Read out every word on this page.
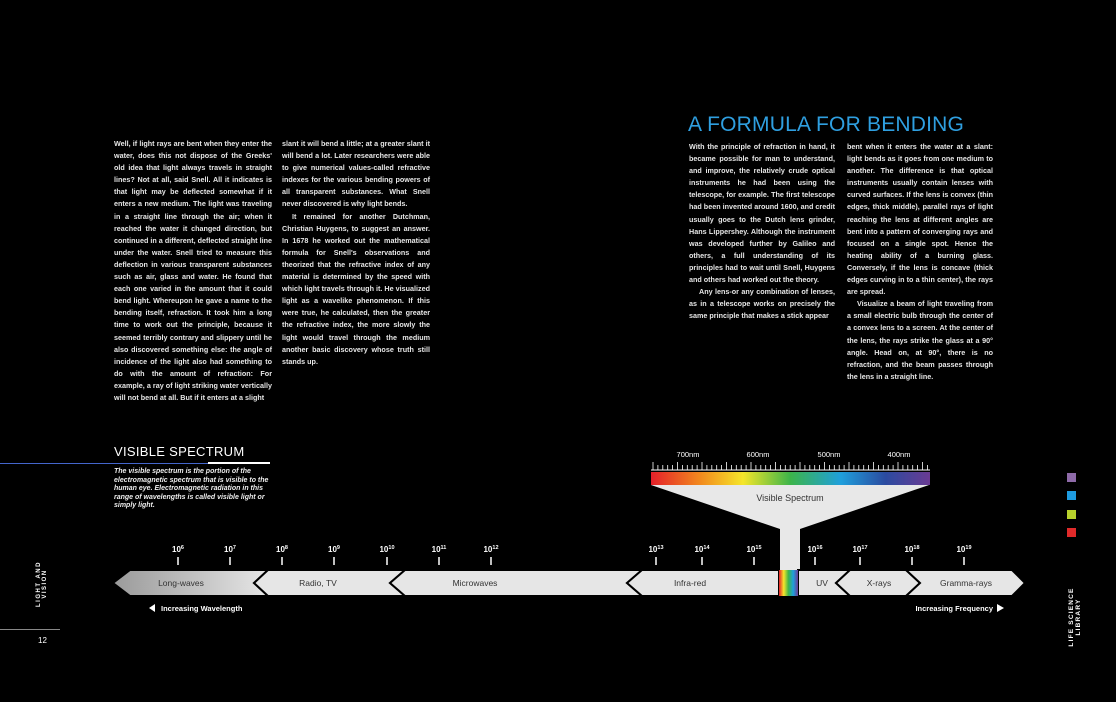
Well, if light rays are bent when they enter the water, does this not dispose of the Greeks' old idea that light always travels in straight lines? Not at all, said Snell. All it indicates is that light may be deflected somewhat if it enters a new medium. The light was traveling in a straight line through the air; when it reached the water it changed direction, but continued in a different, deflected straight line under the water. Snell tried to measure this deflection in various transparent substances such as air, glass and water. He found that each one varied in the amount that it could bend light. Whereupon he gave a name to the bending itself, refraction. It took him a long time to work out the principle, because it seemed terribly contrary and slippery until he also discovered something else: the angle of incidence of the light also had something to do with the amount of refraction: For example, a ray of light striking water vertically will not bend at all. But if it enters at a slight

slant it will bend a little; at a greater slant it will bend a lot. Later researchers were able to give numerical values-called refractive indexes for the various bending powers of all transparent substances. What Snell never discovered is why light bends.

It remained for another Dutchman, Christian Huygens, to suggest an answer. In 1678 he worked out the mathematical formula for Snell's observations and theorized that the refractive index of any material is determined by the speed with which light travels through it. He visualized light as a wavelike phenomenon. If this were true, he calculated, then the greater the refractive index, the more slowly the light would travel through the medium another basic discovery whose truth still stands up.

A FORMULA FOR BENDING

With the principle of refraction in hand, it became possible for man to understand, and improve, the relatively crude optical instruments he had been using the telescope, for example. The first telescope had been invented around 1600, and credit usually goes to the Dutch lens grinder, Hans Lippershey. Although the instrument was developed further by Galileo and others, a full understanding of its principles had to wait until Snell, Huygens and others had worked out the theory.

Any lens-or any combination of lenses, as in a telescope works on precisely the same principle that makes a stick appear

bent when it enters the water at a slant: light bends as it goes from one medium to another. The difference is that optical instruments usually contain lenses with curved surfaces. If the lens is convex (thin edges, thick middle), parallel rays of light reaching the lens at different angles are bent into a pattern of converging rays and focused on a single spot. Hence the heating ability of a burning glass. Conversely, if the lens is concave (thick edges curving in to a thin center), the rays are spread.

Visualize a beam of light traveling from a small electric bulb through the center of a convex lens to a screen. At the center of the lens, the rays strike the glass at a 90° angle. Head on, at 90°, there is no refraction, and the beam passes through the lens in a straight line.

VISIBLE SPECTRUM
The visible spectrum is the portion of the electromagnetic spectrum that is visible to the human eye. Electromagnetic radiation in this range of wavelengths is called visible light or simply light.
LIGHT AND VISION
12	LIFE SCIENCE LIBRARY
Visible Spectrum
700nm	600nm	500nm	400nm
Long-waves	Radio, TV	Microwaves	Infra-red	UV	X-rays	Gramma-rays
$10^6$	$10^7$	$10^8$	$10^9$	$10^{10}$	$10^{11}$	$10^{12}$	$10^{13}$	$10^{14}$	$10^{15}$	$10^{16}$	$10^{17}$	$10^{18}$	$10^{19}$
Increasing Wavelength	Increasing Frequency
